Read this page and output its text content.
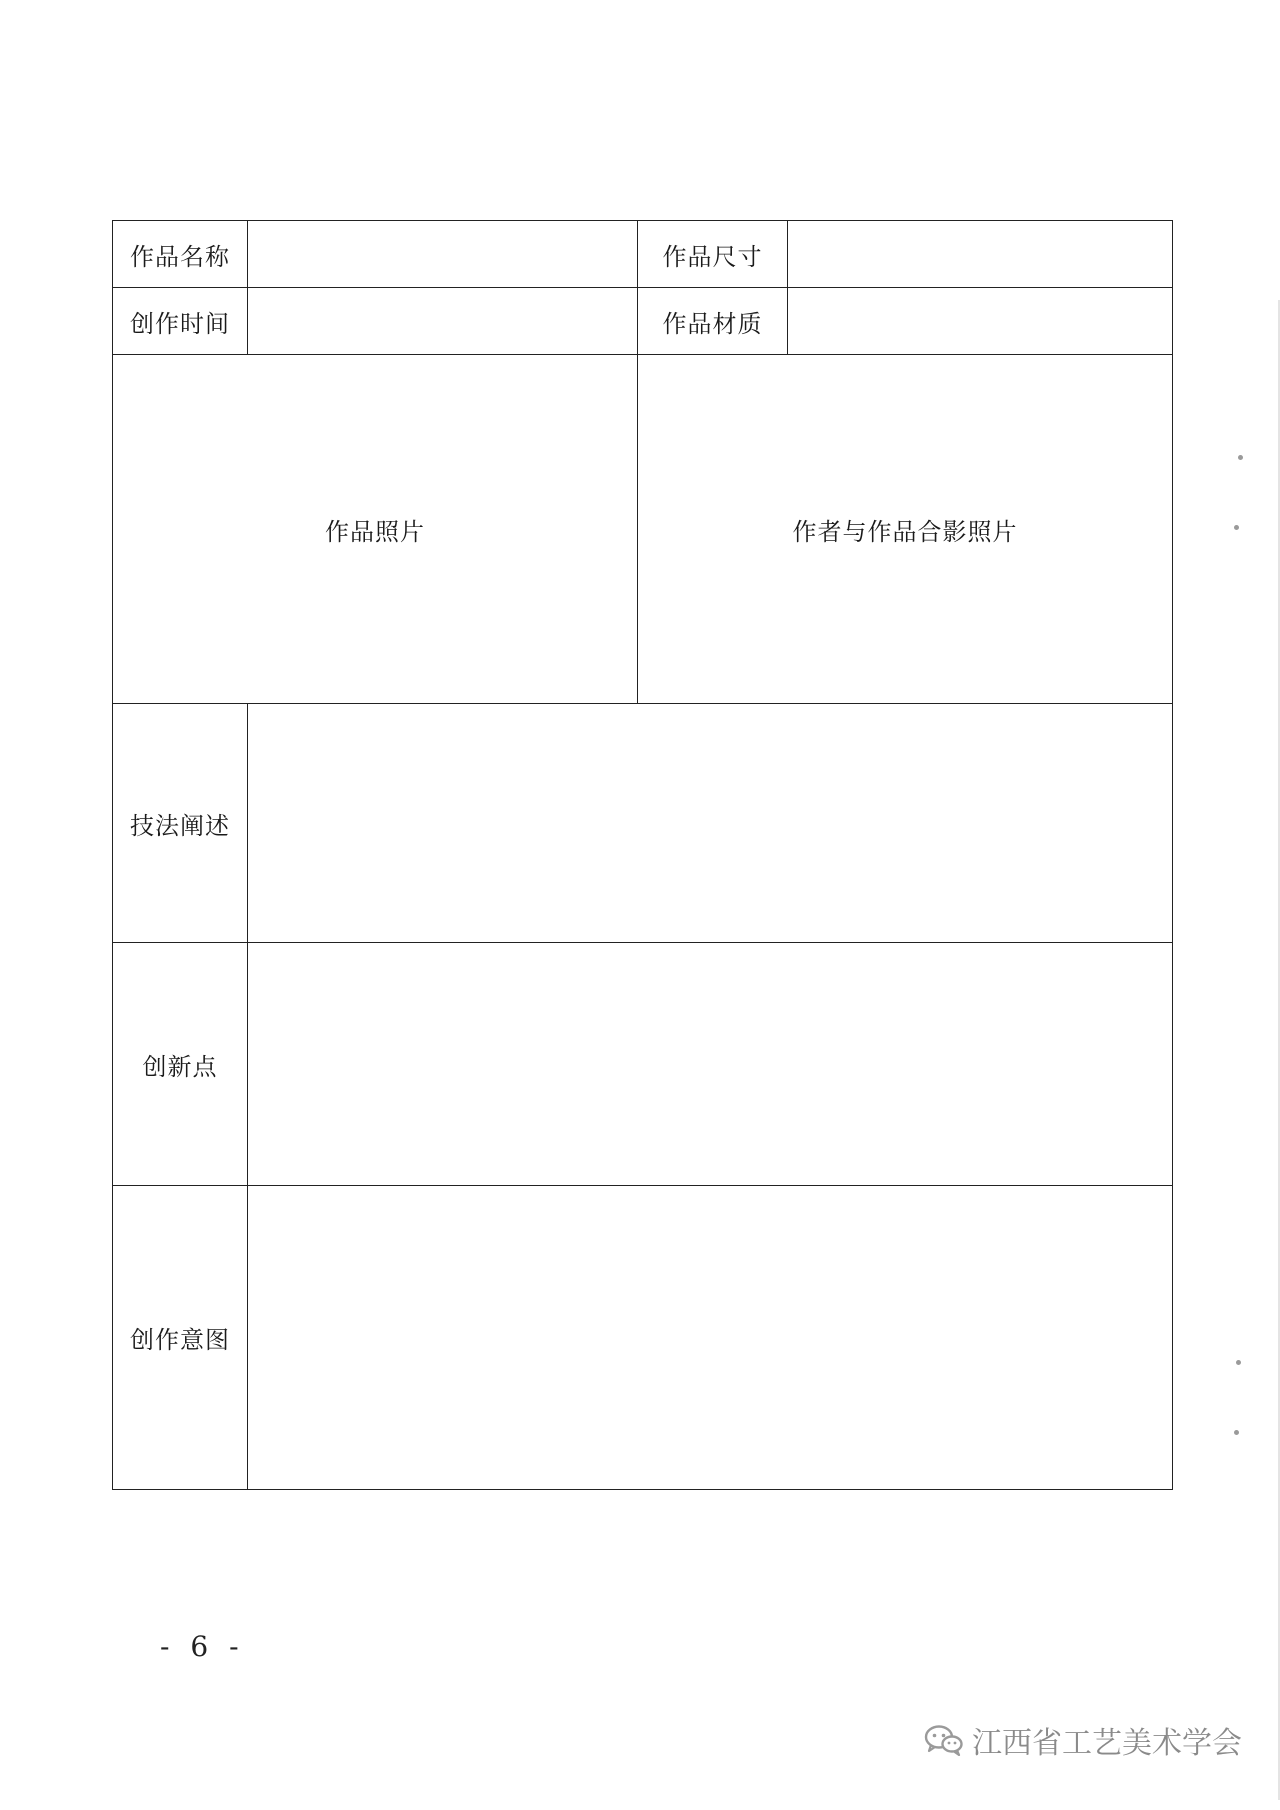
作品名称		作品尺寸	
创作时间		作品材质	
作品照片		作者与作品合影照片	
技法阐述			
创新点			
创作意图			
- 6 -
江西省工艺美术学会
